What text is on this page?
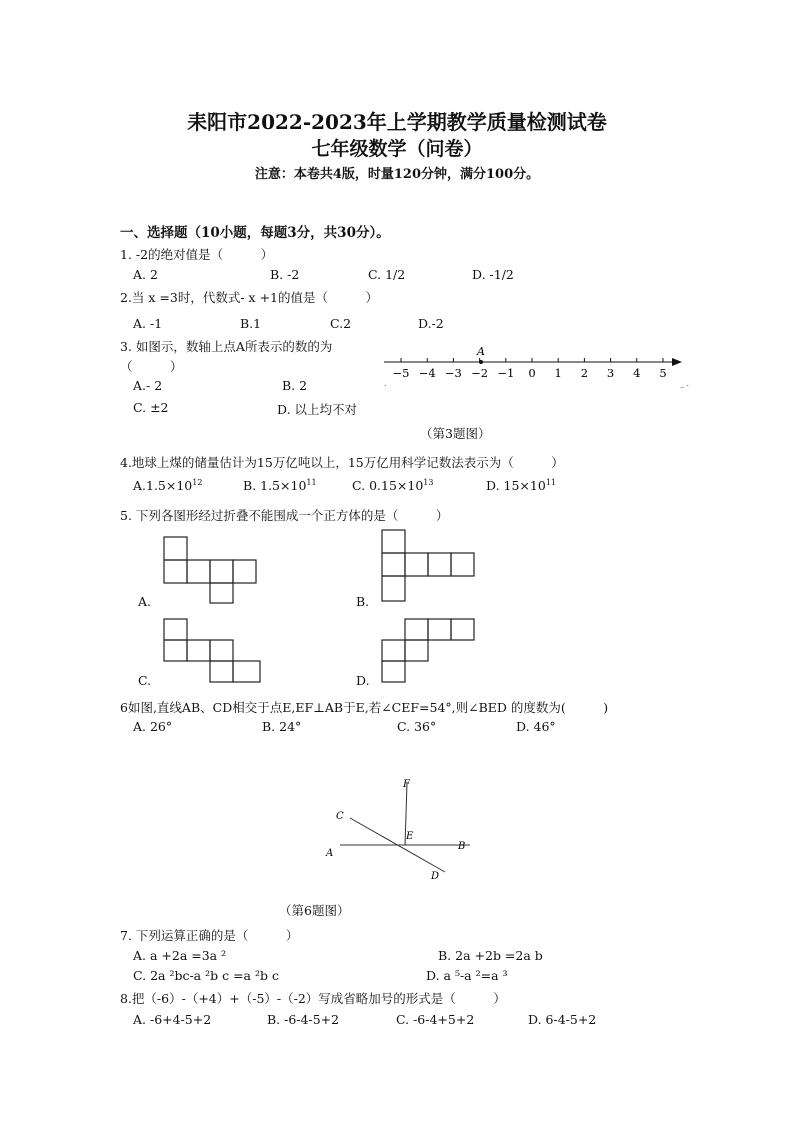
耒阳市2022-2023年上学期教学质量检测试卷
七年级数学（问卷）
注意：本卷共4版，时量120分钟，满分100分。
一、选择题（10小题，每题3分，共30分）。
1. -2的绝对值是（　　　）
A. 2	B. -2	C. 1/2	D. -1/2
2.当 x =3时，代数式- x +1的值是（　　　）
A. -1	B.1	C.2	D.-2
3. 如图示，数轴上点A所表示的数的为
（　　　）
A.- 2	B. 2
C. ±2	D. 以上均不对
−5 −4 −3 −2 −1 0 1 2 3 4 5
A
.	_ .
（第3题图）
4.地球上煤的储量估计为15万亿吨以上，15万亿用科学记数法表示为（　　　）
$A.1.5\times 10^{12}$	B. $1.5\times 10^{11}$	C. $0.15\times 10^{13}$	D. $15\times 10^{11}$
5. 下列各图形经过折叠不能围成一个正方体的是（　　　）
A.	B.
C.	D.
6如图,直线AB、CD相交于点E,EF⊥AB于E,若∠CEF=54°,则∠BED 的度数为(　　　)
A. 26°	B. 24°	C. 36°	D. 46°
F
C
E
A
B
D
（第6题图）
7. 下列运算正确的是（　　　）
A. a +2a =3a ²	B. 2a +2b =2a b
C. 2a ²bc-a ²b c =a ²b c	D. a ⁵-a ²=a ³
8.把（-6）-（+4）+（-5）-（-2）写成省略加号的形式是（　　　）
A. -6+4-5+2	B. -6-4-5+2	C. -6-4+5+2	D. 6-4-5+2
